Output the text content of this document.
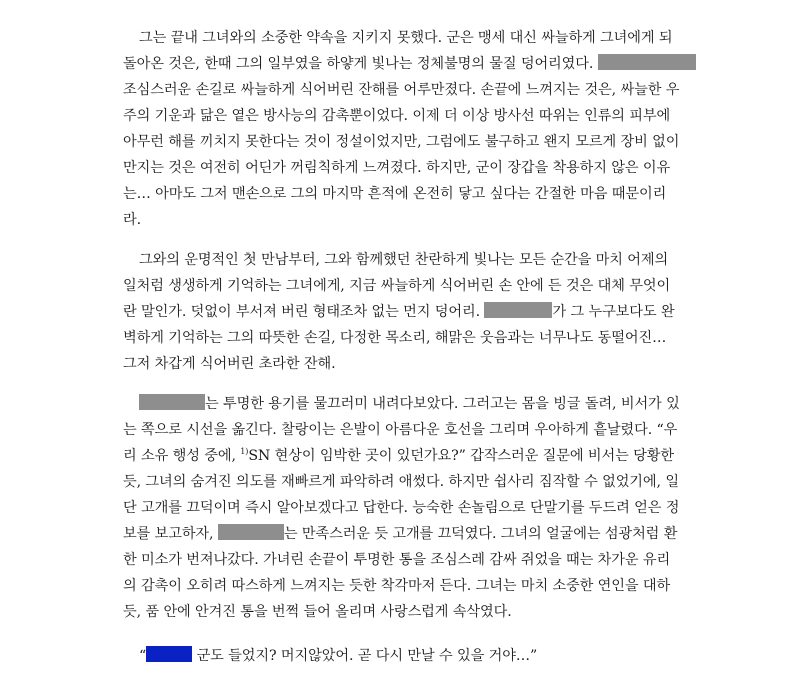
그는 끝내 그녀와의 소중한 약속을 지키지 못했다. 군은 맹세 대신 싸늘하게 그녀에게 되
돌아온 것은, 한때 그의 일부였을 하얗게 빛나는 정체불명의 물질 덩어리였다.
조심스러운 손길로 싸늘하게 식어버린 잔해를 어루만졌다. 손끝에 느껴지는 것은, 싸늘한 우
주의 기운과 닮은 옅은 방사능의 감촉뿐이었다. 이제 더 이상 방사선 따위는 인류의 피부에
아무런 해를 끼치지 못한다는 것이 정설이었지만, 그럼에도 불구하고 왠지 모르게 장비 없이
만지는 것은 여전히 어딘가 꺼림칙하게 느껴졌다. 하지만, 군이 장갑을 착용하지 않은 이유
는… 아마도 그저 맨손으로 그의 마지막 흔적에 온전히 닿고 싶다는 간절한 마음 때문이리
라.
그와의 운명적인 첫 만남부터, 그와 함께했던 찬란하게 빛나는 모든 순간을 마치 어제의
일처럼 생생하게 기억하는 그녀에게, 지금 싸늘하게 식어버린 손 안에 든 것은 대체 무엇이
란 말인가. 덧없이 부서져 버린 형태조차 없는 먼지 덩어리.	가 그 누구보다도 완
벽하게 기억하는 그의 따뜻한 손길, 다정한 목소리, 해맑은 웃음과는 너무나도 동떨어진…
그저 차갑게 식어버린 초라한 잔해.
는 투명한 용기를 물끄러미 내려다보았다. 그러고는 몸을 빙글 돌려, 비서가 있
는 쪽으로 시선을 옮긴다. 찰랑이는 은발이 아름다운 호선을 그리며 우아하게 흩날렸다. “우
리 소유 행성 중에, $^{1)}$SN 현상이 임박한 곳이 있던가요?” 갑작스러운 질문에 비서는 당황한
듯, 그녀의 숨겨진 의도를 재빠르게 파악하려 애썼다. 하지만 쉽사리 짐작할 수 없었기에, 일
단 고개를 끄덕이며 즉시 알아보겠다고 답한다. 능숙한 손놀림으로 단말기를 두드려 얻은 정
보를 보고하자,	는 만족스러운 듯 고개를 끄덕였다. 그녀의 얼굴에는 섬광처럼 환
한 미소가 번져나갔다. 가녀린 손끝이 투명한 통을 조심스레 감싸 쥐었을 때는 차가운 유리
의 감촉이 오히려 따스하게 느껴지는 듯한 착각마저 든다. 그녀는 마치 소중한 연인을 대하
듯, 품 안에 안겨진 통을 번쩍 들어 올리며 사랑스럽게 속삭였다.
“	군도 들었지? 머지않았어. 곧 다시 만날 수 있을 거야…”
